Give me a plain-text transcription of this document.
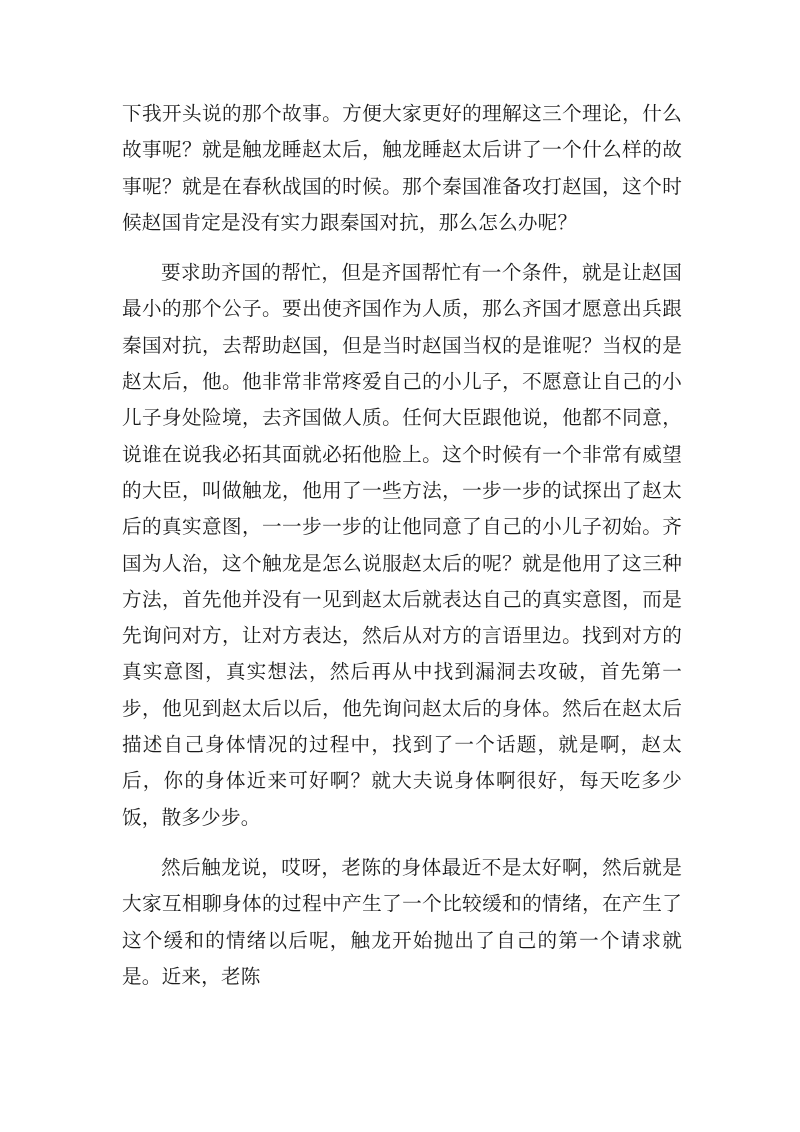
下我开头说的那个故事。方便大家更好的理解这三个理论，什么故事呢？就是触龙睡赵太后，触龙睡赵太后讲了一个什么样的故事呢？就是在春秋战国的时候。那个秦国准备攻打赵国，这个时候赵国肯定是没有实力跟秦国对抗，那么怎么办呢？

要求助齐国的帮忙，但是齐国帮忙有一个条件，就是让赵国最小的那个公子。要出使齐国作为人质，那么齐国才愿意出兵跟秦国对抗，去帮助赵国，但是当时赵国当权的是谁呢？当权的是赵太后，他。他非常非常疼爱自己的小儿子，不愿意让自己的小儿子身处险境，去齐国做人质。任何大臣跟他说，他都不同意，说谁在说我必拓其面就必拓他脸上。这个时候有一个非常有威望的大臣，叫做触龙，他用了一些方法，一步一步的试探出了赵太后的真实意图，一一步一步的让他同意了自己的小儿子初始。齐国为人治，这个触龙是怎么说服赵太后的呢？就是他用了这三种方法，首先他并没有一见到赵太后就表达自己的真实意图，而是先询问对方，让对方表达，然后从对方的言语里边。找到对方的真实意图，真实想法，然后再从中找到漏洞去攻破，首先第一步，他见到赵太后以后，他先询问赵太后的身体。然后在赵太后描述自己身体情况的过程中，找到了一个话题，就是啊，赵太后，你的身体近来可好啊？就大夫说身体啊很好，每天吃多少饭，散多少步。

然后触龙说，哎呀，老陈的身体最近不是太好啊，然后就是大家互相聊身体的过程中产生了一个比较缓和的情绪，在产生了这个缓和的情绪以后呢，触龙开始抛出了自己的第一个请求就是。近来，老陈
